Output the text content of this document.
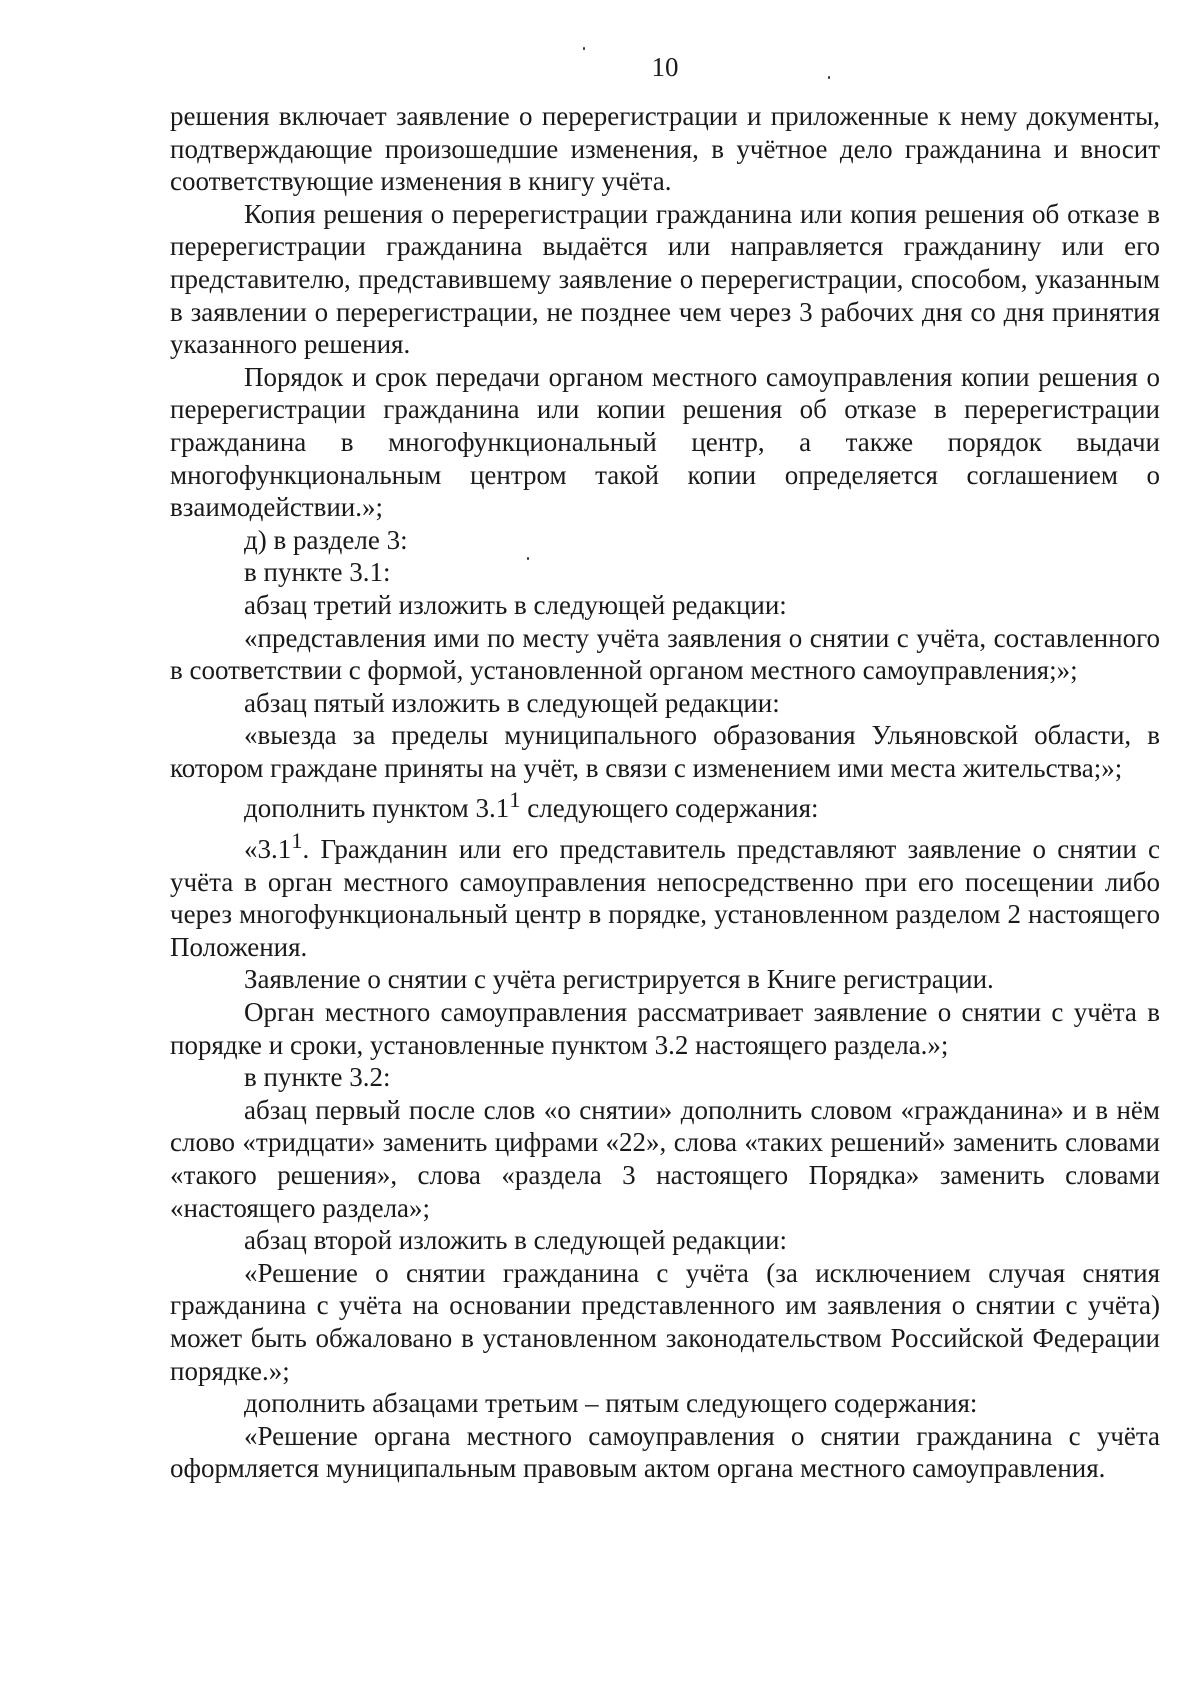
10

решения включает заявление о перерегистрации и приложенные к нему документы, подтверждающие произошедшие изменения, в учётное дело гражданина и вносит соответствующие изменения в книгу учёта.

Копия решения о перерегистрации гражданина или копия решения об отказе в перерегистрации гражданина выдаётся или направляется гражданину или его представителю, представившему заявление о перерегистрации, способом, указанным в заявлении о перерегистрации, не позднее чем через 3 рабочих дня со дня принятия указанного решения.

Порядок и срок передачи органом местного самоуправления копии решения о перерегистрации гражданина или копии решения об отказе в перерегистрации гражданина в многофункциональный центр, а также порядок выдачи многофункциональным центром такой копии определяется соглашением о взаимодействии.»;

д) в разделе 3:

в пункте 3.1:

абзац третий изложить в следующей редакции:

«представления ими по месту учёта заявления о снятии с учёта, составленного в соответствии с формой, установленной органом местного самоуправления;»;

абзац пятый изложить в следующей редакции:

«выезда за пределы муниципального образования Ульяновской области, в котором граждане приняты на учёт, в связи с изменением ими места жительства;»;

дополнить пунктом $3.1^1$ следующего содержания:

«$3.1^1$. Гражданин или его представитель представляют заявление о снятии с учёта в орган местного самоуправления непосредственно при его посещении либо через многофункциональный центр в порядке, установленном разделом 2 настоящего Положения.

Заявление о снятии с учёта регистрируется в Книге регистрации.

Орган местного самоуправления рассматривает заявление о снятии с учёта в порядке и сроки, установленные пунктом 3.2 настоящего раздела.»;

в пункте 3.2:

абзац первый после слов «о снятии» дополнить словом «гражданина» и в нём слово «тридцати» заменить цифрами «22», слова «таких решений» заменить словами «такого решения», слова «раздела 3 настоящего Порядка» заменить словами «настоящего раздела»;

абзац второй изложить в следующей редакции:

«Решение о снятии гражданина с учёта (за исключением случая снятия гражданина с учёта на основании представленного им заявления о снятии с учёта) может быть обжаловано в установленном законодательством Российской Федерации порядке.»;

дополнить абзацами третьим – пятым следующего содержания:

«Решение органа местного самоуправления о снятии гражданина с учёта оформляется муниципальным правовым актом органа местного самоуправления.
